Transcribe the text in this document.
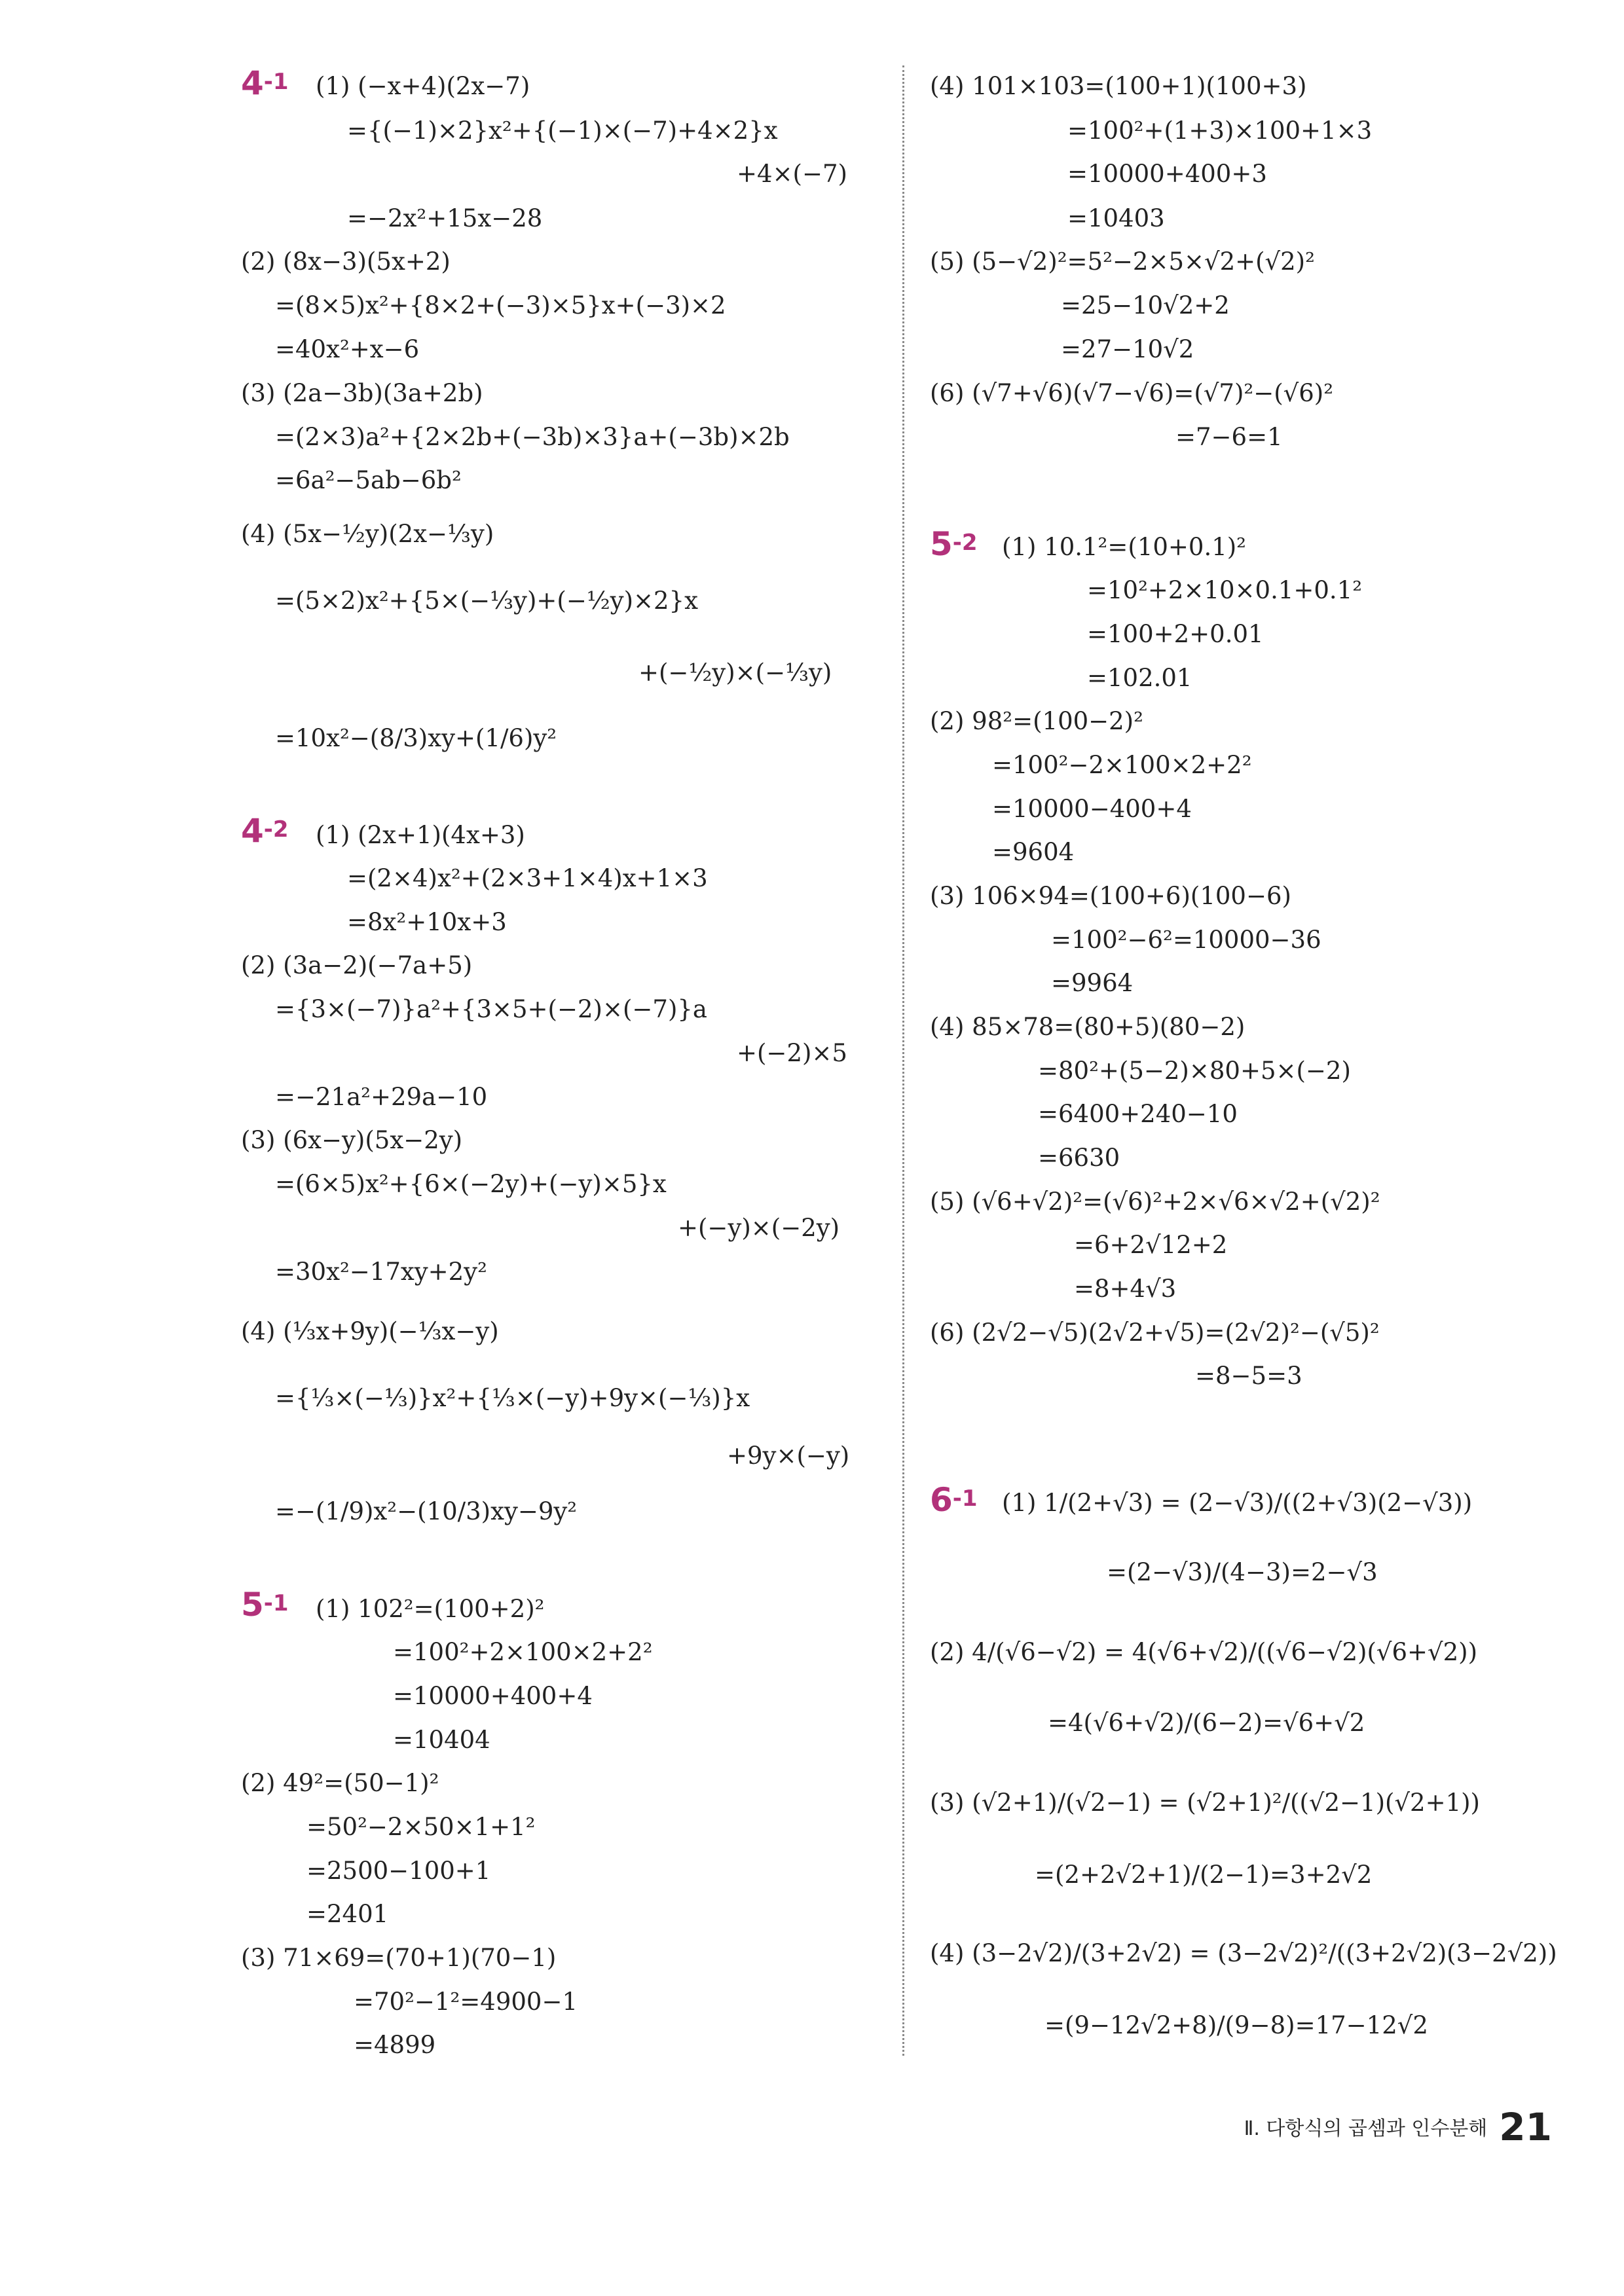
4-1 (1) (−x+4)(2x−7)
={(−1)×2}x²+{(−1)×(−7)+4×2}x
+4×(−7)
=−2x²+15x−28
(2) (8x−3)(5x+2)
=(8×5)x²+{8×2+(−3)×5}x+(−3)×2
=40x²+x−6
(3) (2a−3b)(3a+2b)
=(2×3)a²+{2×2b+(−3b)×3}a+(−3b)×2b
=6a²−5ab−6b²
(4) (5x−½y)(2x−⅓y)
=(5×2)x²+{5×(−⅓y)+(−½y)×2}x
+(−½y)×(−⅓y)
=10x²−(8/3)xy+(1/6)y²
4-2 (1) (2x+1)(4x+3)
=(2×4)x²+(2×3+1×4)x+1×3
=8x²+10x+3
(2) (3a−2)(−7a+5)
={3×(−7)}a²+{3×5+(−2)×(−7)}a
+(−2)×5
=−21a²+29a−10
(3) (6x−y)(5x−2y)
=(6×5)x²+{6×(−2y)+(−y)×5}x
+(−y)×(−2y)
=30x²−17xy+2y²
(4) (⅓x+9y)(−⅓x−y)
={⅓×(−⅓)}x²+{⅓×(−y)+9y×(−⅓)}x
+9y×(−y)
=−(1/9)x²−(10/3)xy−9y²
5-1 (1) 102²=(100+2)²
=100²+2×100×2+2²
=10000+400+4
=10404
(2) 49²=(50−1)²
=50²−2×50×1+1²
=2500−100+1
=2401
(3) 71×69=(70+1)(70−1)
=70²−1²=4900−1
=4899
(4) 101×103=(100+1)(100+3)
=100²+(1+3)×100+1×3
=10000+400+3
=10403
(5) (5−√2)²=5²−2×5×√2+(√2)²
=25−10√2+2
=27−10√2
(6) (√7+√6)(√7−√6)=(√7)²−(√6)²
=7−6=1
5-2 (1) 10.1²=(10+0.1)²
=10²+2×10×0.1+0.1²
=100+2+0.01
=102.01
(2) 98²=(100−2)²
=100²−2×100×2+2²
=10000−400+4
=9604
(3) 106×94=(100+6)(100−6)
=100²−6²=10000−36
=9964
(4) 85×78=(80+5)(80−2)
=80²+(5−2)×80+5×(−2)
=6400+240−10
=6630
(5) (√6+√2)²=(√6)²+2×√6×√2+(√2)²
=6+2√12+2
=8+4√3
(6) (2√2−√5)(2√2+√5)=(2√2)²−(√5)²
=8−5=3
6-1 (1) 1/(2+√3) = (2−√3)/((2+√3)(2−√3))
=(2−√3)/(4−3)=2−√3
(2) 4/(√6−√2) = 4(√6+√2)/((√6−√2)(√6+√2))
=4(√6+√2)/(6−2)=√6+√2
(3) (√2+1)/(√2−1) = (√2+1)²/((√2−1)(√2+1))
=(2+2√2+1)/(2−1)=3+2√2
(4) (3−2√2)/(3+2√2) = (3−2√2)²/((3+2√2)(3−2√2))
=(9−12√2+8)/(9−8)=17−12√2
Ⅱ. 다항식의 곱셈과 인수분해 21
